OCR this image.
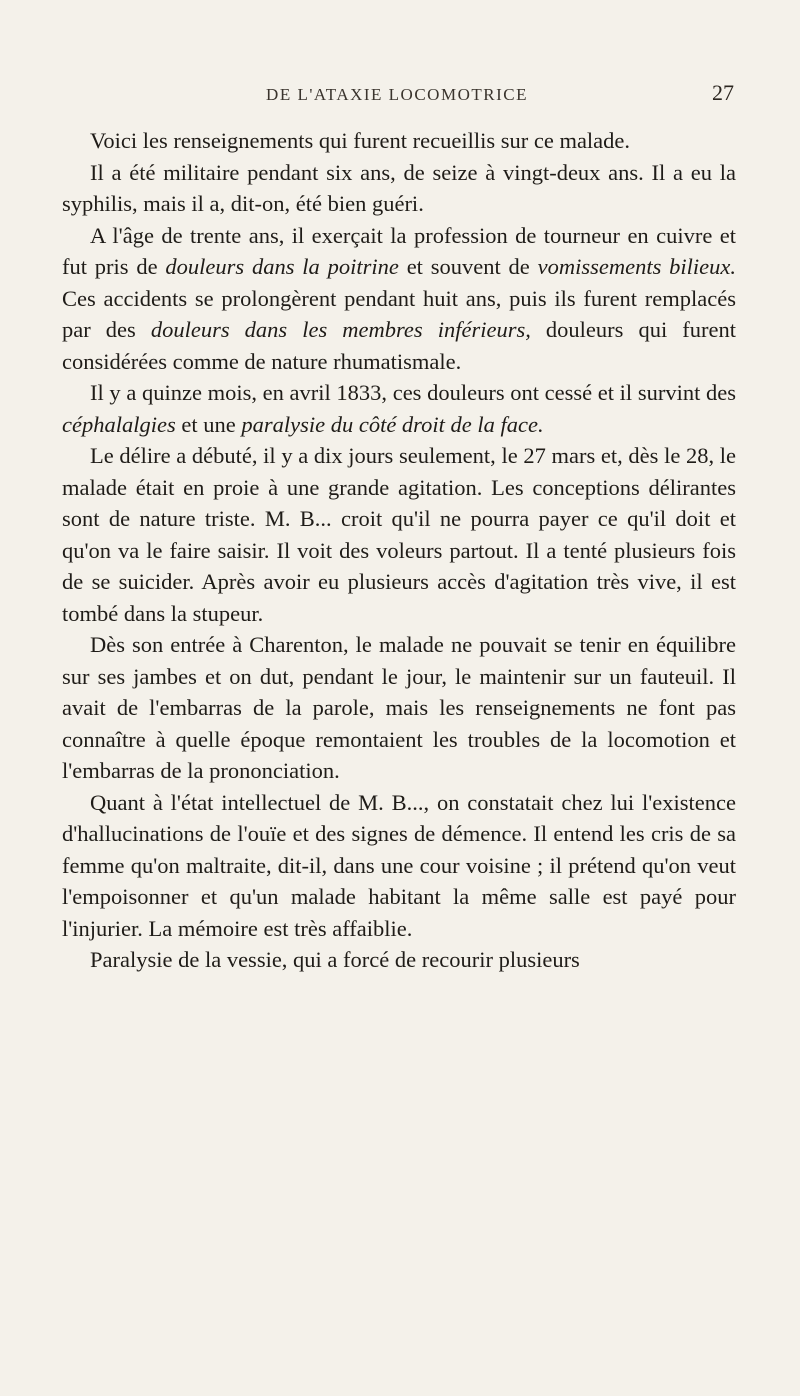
DE L'ATAXIE LOCOMOTRICE	27

Voici les renseignements qui furent recueillis sur ce malade.

Il a été militaire pendant six ans, de seize à vingt-deux ans. Il a eu la syphilis, mais il a, dit-on, été bien guéri.

A l'âge de trente ans, il exerçait la profession de tourneur en cuivre et fut pris de douleurs dans la poitrine et souvent de vomissements bilieux. Ces accidents se prolongèrent pendant huit ans, puis ils furent remplacés par des douleurs dans les membres inférieurs, douleurs qui furent considérées comme de nature rhumatismale.

Il y a quinze mois, en avril 1833, ces douleurs ont cessé et il survint des céphalalgies et une paralysie du côté droit de la face.

Le délire a débuté, il y a dix jours seulement, le 27 mars et, dès le 28, le malade était en proie à une grande agitation. Les conceptions délirantes sont de nature triste. M. B... croit qu'il ne pourra payer ce qu'il doit et qu'on va le faire saisir. Il voit des voleurs partout. Il a tenté plusieurs fois de se suicider. Après avoir eu plusieurs accès d'agitation très vive, il est tombé dans la stupeur.

Dès son entrée à Charenton, le malade ne pouvait se tenir en équilibre sur ses jambes et on dut, pendant le jour, le maintenir sur un fauteuil. Il avait de l'embarras de la parole, mais les renseignements ne font pas connaître à quelle époque remontaient les troubles de la locomotion et l'embarras de la prononciation.

Quant à l'état intellectuel de M. B..., on constatait chez lui l'existence d'hallucinations de l'ouïe et des signes de démence. Il entend les cris de sa femme qu'on maltraite, dit-il, dans une cour voisine ; il prétend qu'on veut l'empoisonner et qu'un malade habitant la même salle est payé pour l'injurier. La mémoire est très affaiblie.

Paralysie de la vessie, qui a forcé de recourir plusieurs
